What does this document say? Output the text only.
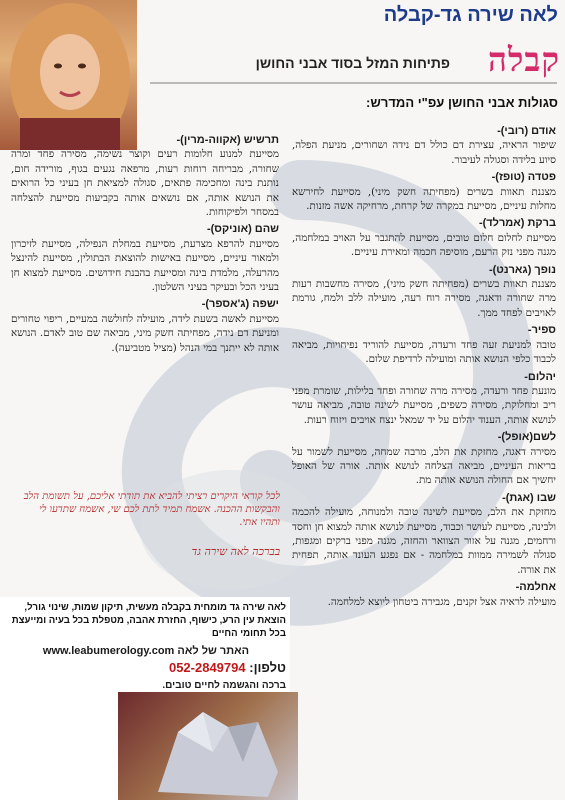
לאה שירה גד-קבלה
קבלה
פתיחות המזל בסוד אבני החושן
סגולות אבני החושן עפ"י המדרש:
אודם (רובי)-
שיפור הראיה, עצירת דם כולל דם נידה ושחורים, מניעת הפלה, סיוע בלידה וסגולה לעיבור.
פטדה (טופז)-
מצננת תאוות בשרים (מפחיתה חשק מיני), מסייעת לחירשא מחלות עיניים, מסייעת במקרה של קרחת, מרחיקה אשה מזנות.
ברקת (אמרלד)-
מסייעת לחלום חלום טובים, מסייעת להתגבר על האויב במלחמה, מגנה מפני נזק הרעם, מוסיפה חכמה ומאירת עיניים.
נופך (גארנט)-
מצננת תאוות בשרים (מפחיתה חשק מיני), מסירה מחשבות רעות מרה שחורה ודאגה, מסירה רוח רעה, מועילה ללב ולמח, גורמת לאויבים לפחד ממך.
ספיר-
טובה למניעת זעה פחד ורעדה, מסייעת להוריד נפיחויות, מביאה לכבוד כלפי הנושא אותה ומועילה לרדיפת שלום.
יהלום-
מונעת פחד ורעדה, מסירה מרה שחורה ופחד בלילות, שומרת מפני ריב ומחלוקת, מסירה כשפים, מסייעת לשינה טובה, מביאה עושר לנושא אותה, הענוד יהלום על יד שמאל ינצח אויבים ויזוח רעות.
לשם(אופל)-
מסירה דאגה, מחזקת את הלב, מרבה שמחה, מסייעת לשמור על בריאות העיניים, מביאה הצלחה לנושא אותה. אורה של האופל יחשיך אם החולה הנושא אותה מת.
שבו (אגת)-
מחזקת את הלב, מסייעת לשינה טובה ולמנוחה, מועילה להכמה ולבינה, מסייעת לעושר וכבוד, מסייעת לנושא אותה למצוא חן וחסד ורחמים, מגנה על אזור הצוואר והחזה, מגנה מפני ברקים ומגפות, סגולה לשמירה ממוות במלחמה - אם נפגע העונד אותה, תפחית את אורה.
אחלמה-
מועילה לראיה אצל זקנים, מגבירה ביטחון ליוצא למלחמה.
תרשיש (אקווה-מרין)-
מסייעת למנוע חלומות רעים וקוצר נשימה, מסירה פחד ומרה שחורה, מבריחה רוחות רעות, מרפאה נגעים בגוף, מורידה חום, נותנת בינה ומחכימה פתאים, סגולה למציאת חן בעיני כל הרואים את הנושא אותה, אם נושאים אותה בקביעות מסייעת להצלחה במסחר ולפיקוחות.
שהם (אוניקס)-
מסייעת להרפא מצרעת, מסייעת במחלת הנפילה, מסייעת לזיכרון ולמאור עיניים, מסייעת באישות להוצאת הבתולין, מסייעת להינצל מהרעלה, מלמדת בינה ומסייעת בהבנת חידושים. מסייעת למצוא חן בעיני הכל ובעיקר בעיני השלטון.
ישפה (ג'אספר)-
מסייעת לאשה בשעת לידה, מועילה לחולשה במעיים, ריפוי טחורים ומניעת דם נידה, מפחיתה חשק מיני, מביאה שם טוב לאדם. הנושא אותה לא ייתנך במי הנהל (מציל מטביעה).
לכל קוראי היקרים רציתי להביא את תודתי אליכם, על תשומת הלב והבקשות ההכנה. אשמח תמיד לתת לכם שי, אשמח שתדעו לי ותהיו אתי.
בברכה לאה שירה גד
לאה שירה גד מומחית בקבלה מעשית, תיקון שמות, שינוי גורל, הוצאת עין הרע, כישוף, החזרת אהבה, מטפלת בכל בעיה ומייעצת בכל תחומי החיים
www.leabumerology.com האתר של לאה
טלפון: 052-2849794
ברכה והגשמה לחיים טובים.
